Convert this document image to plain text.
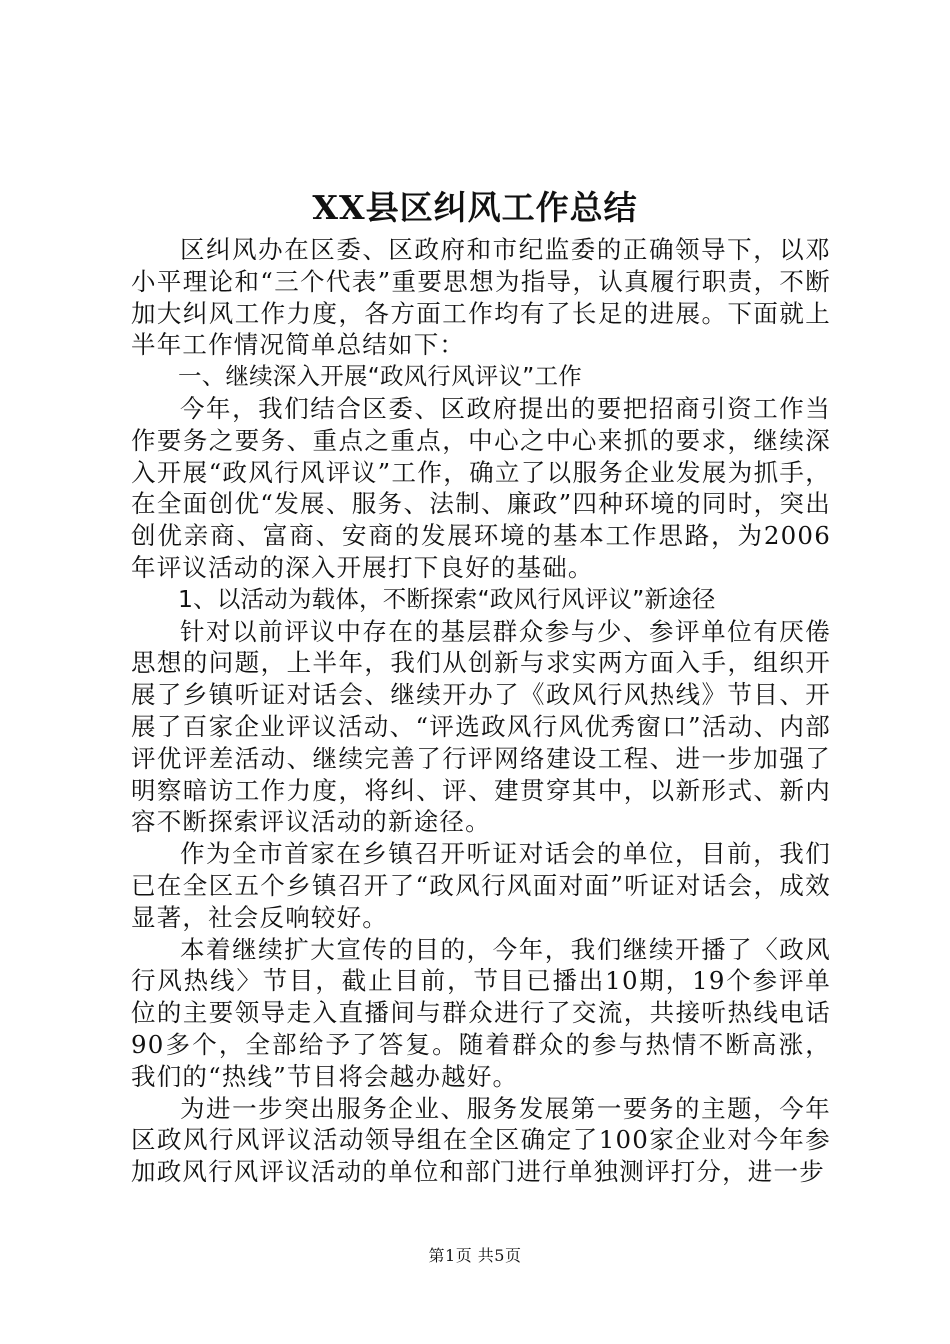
XX县区纠风工作总结

区纠风办在区委、区政府和市纪监委的正确领导下，以邓小平理论和“三个代表”重要思想为指导，认真履行职责，不断加大纠风工作力度，各方面工作均有了长足的进展。下面就上半年工作情况简单总结如下：

一、继续深入开展“政风行风评议”工作

今年，我们结合区委、区政府提出的要把招商引资工作当作要务之要务、重点之重点，中心之中心来抓的要求，继续深入开展“政风行风评议”工作，确立了以服务企业发展为抓手，在全面创优“发展、服务、法制、廉政”四种环境的同时，突出创优亲商、富商、安商的发展环境的基本工作思路，为2006年评议活动的深入开展打下良好的基础。

1、以活动为载体，不断探索“政风行风评议”新途径

针对以前评议中存在的基层群众参与少、参评单位有厌倦思想的问题，上半年，我们从创新与求实两方面入手，组织开展了乡镇听证对话会、继续开办了《政风行风热线》节目、开展了百家企业评议活动、“评选政风行风优秀窗口”活动、内部评优评差活动、继续完善了行评网络建设工程、进一步加强了明察暗访工作力度，将纠、评、建贯穿其中，以新形式、新内容不断探索评议活动的新途径。

作为全市首家在乡镇召开听证对话会的单位，目前，我们已在全区五个乡镇召开了“政风行风面对面”听证对话会，成效显著，社会反响较好。

本着继续扩大宣传的目的，今年，我们继续开播了〈政风行风热线〉节目，截止目前，节目已播出10期，19个参评单位的主要领导走入直播间与群众进行了交流，共接听热线电话90多个，全部给予了答复。随着群众的参与热情不断高涨，我们的“热线”节目将会越办越好。

为进一步突出服务企业、服务发展第一要务的主题，今年区政风行风评议活动领导组在全区确定了100家企业对今年参加政风行风评议活动的单位和部门进行单独测评打分，进一步

第1页 共5页
